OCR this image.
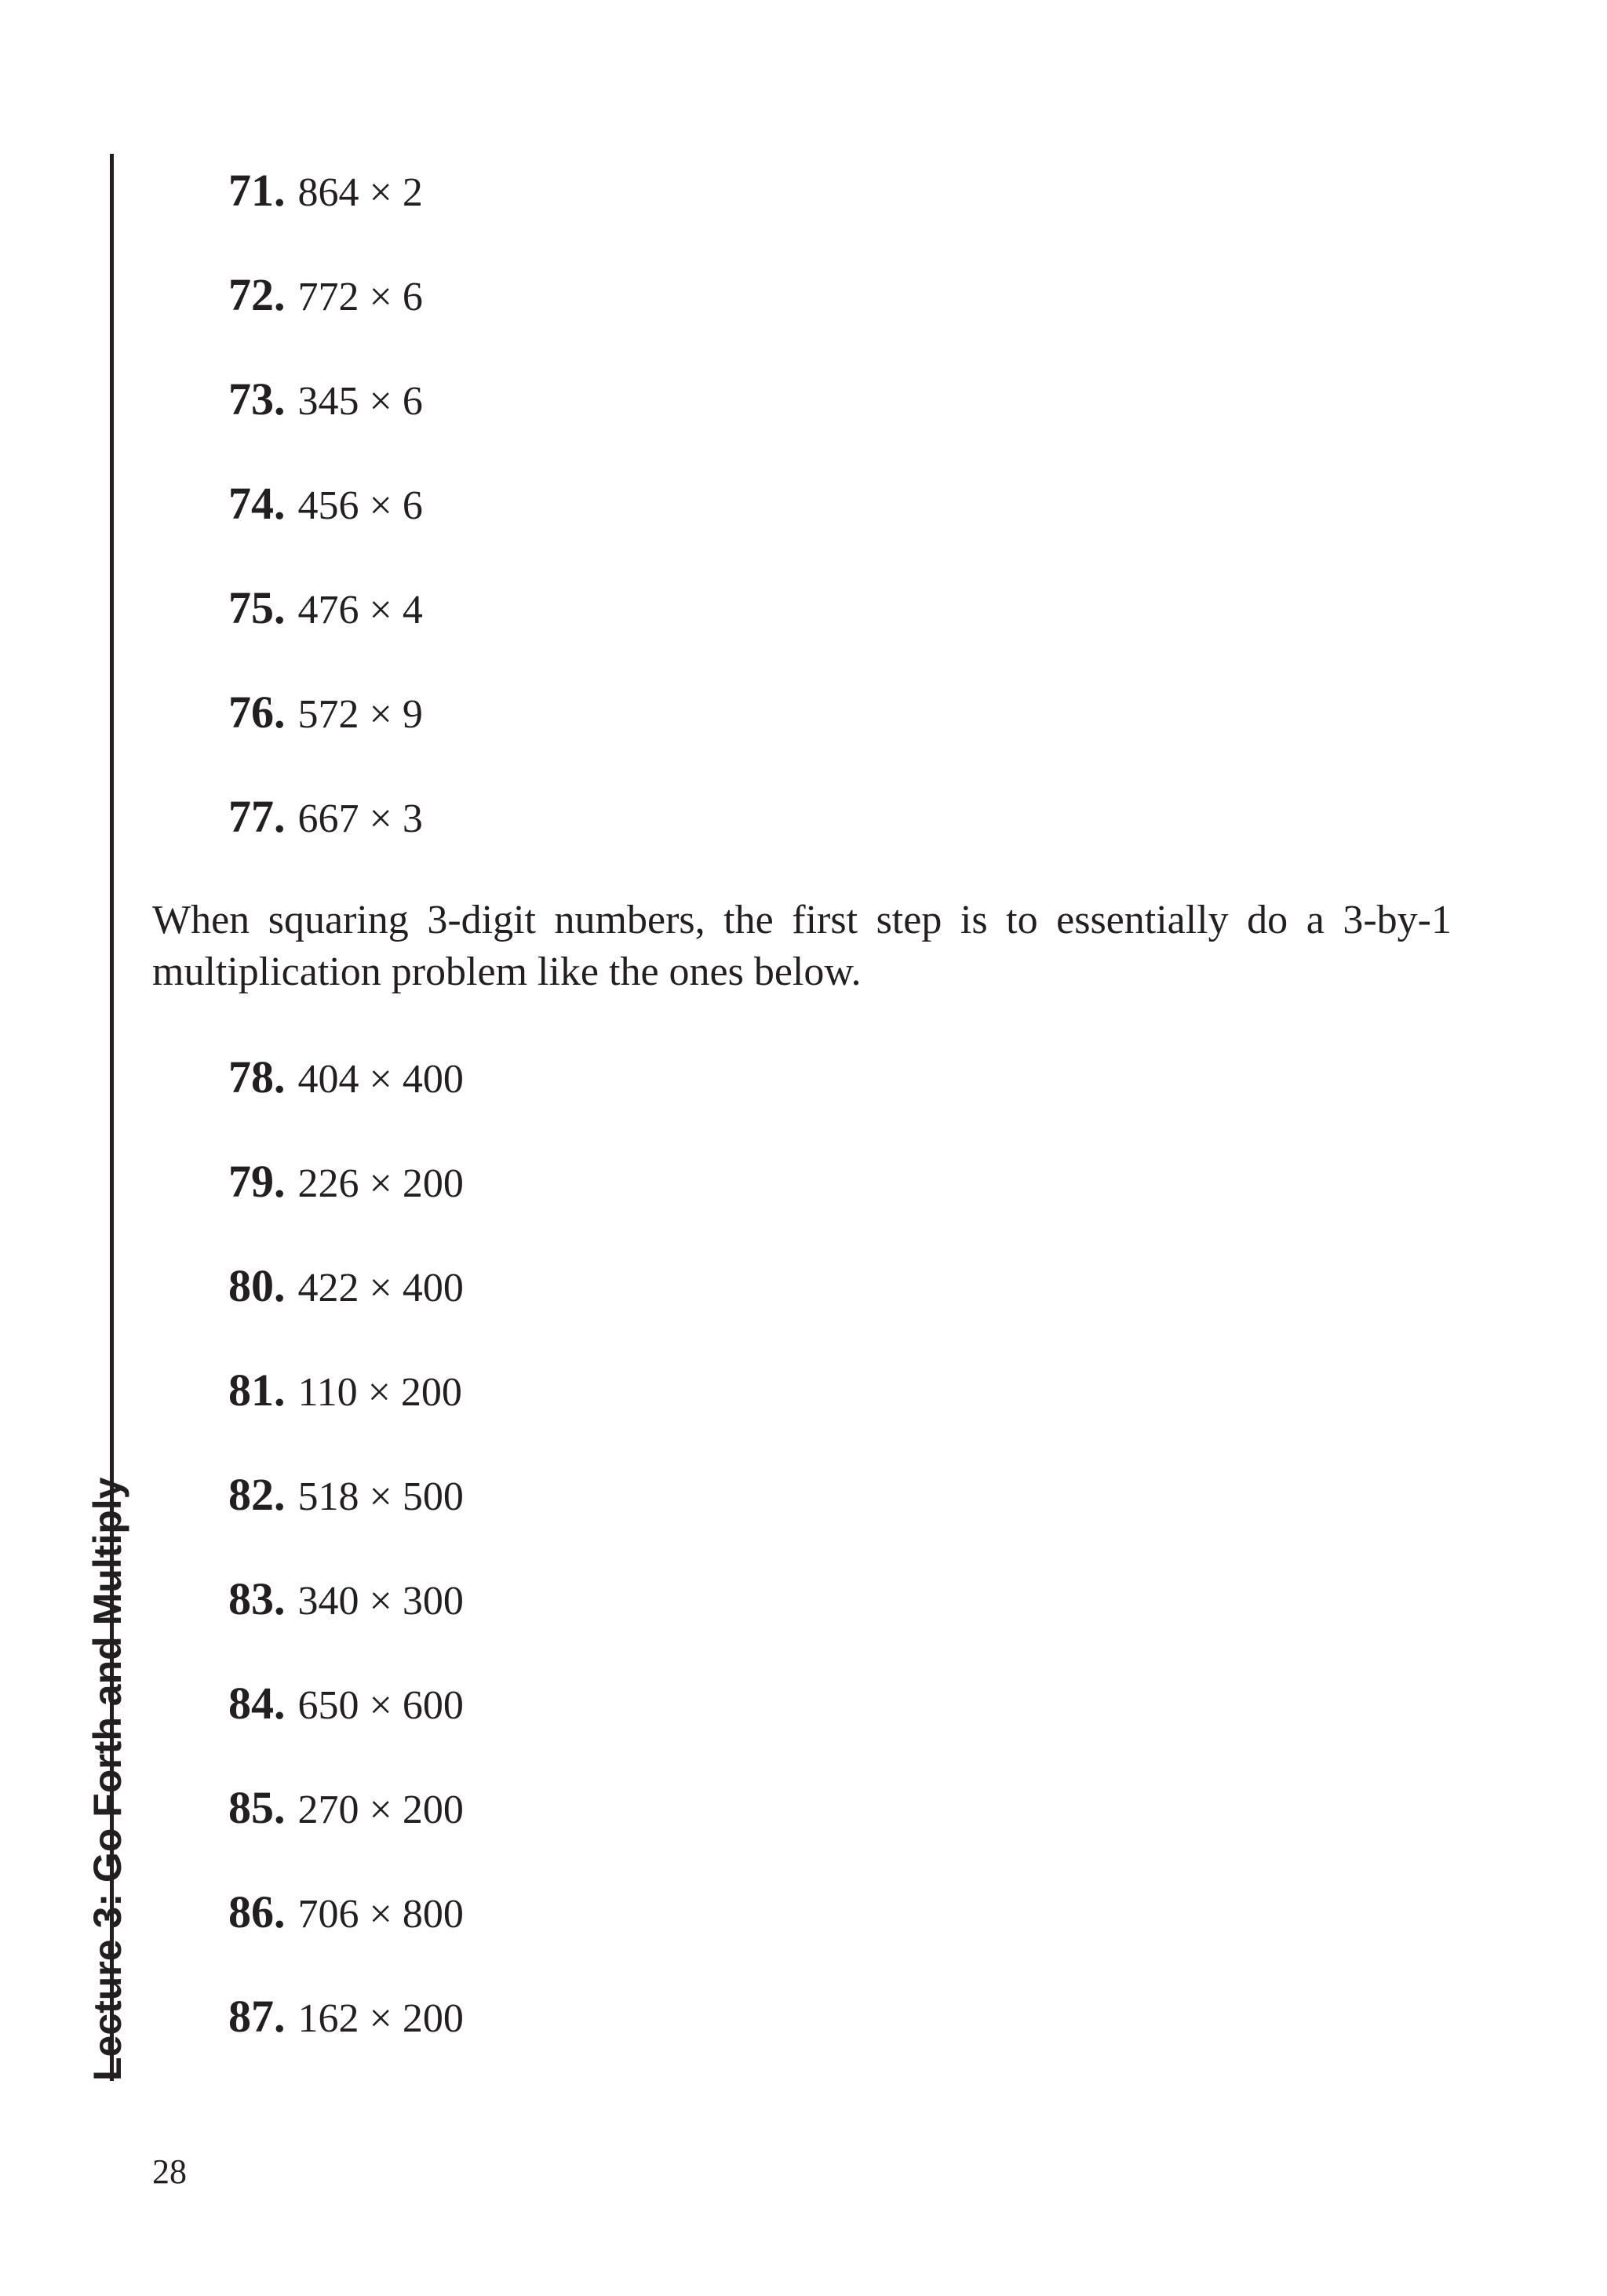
Lecture 3: Go Forth and Multiply
71. 864 × 2
72. 772 × 6
73. 345 × 6
74. 456 × 6
75. 476 × 4
76. 572 × 9
77. 667 × 3

When squaring 3-digit numbers, the first step is to essentially do a 3-by-1 multiplication problem like the ones below.

78. 404 × 400
79. 226 × 200
80. 422 × 400
81. 110 × 200
82. 518 × 500
83. 340 × 300
84. 650 × 600
85. 270 × 200
86. 706 × 800
87. 162 × 200
28
